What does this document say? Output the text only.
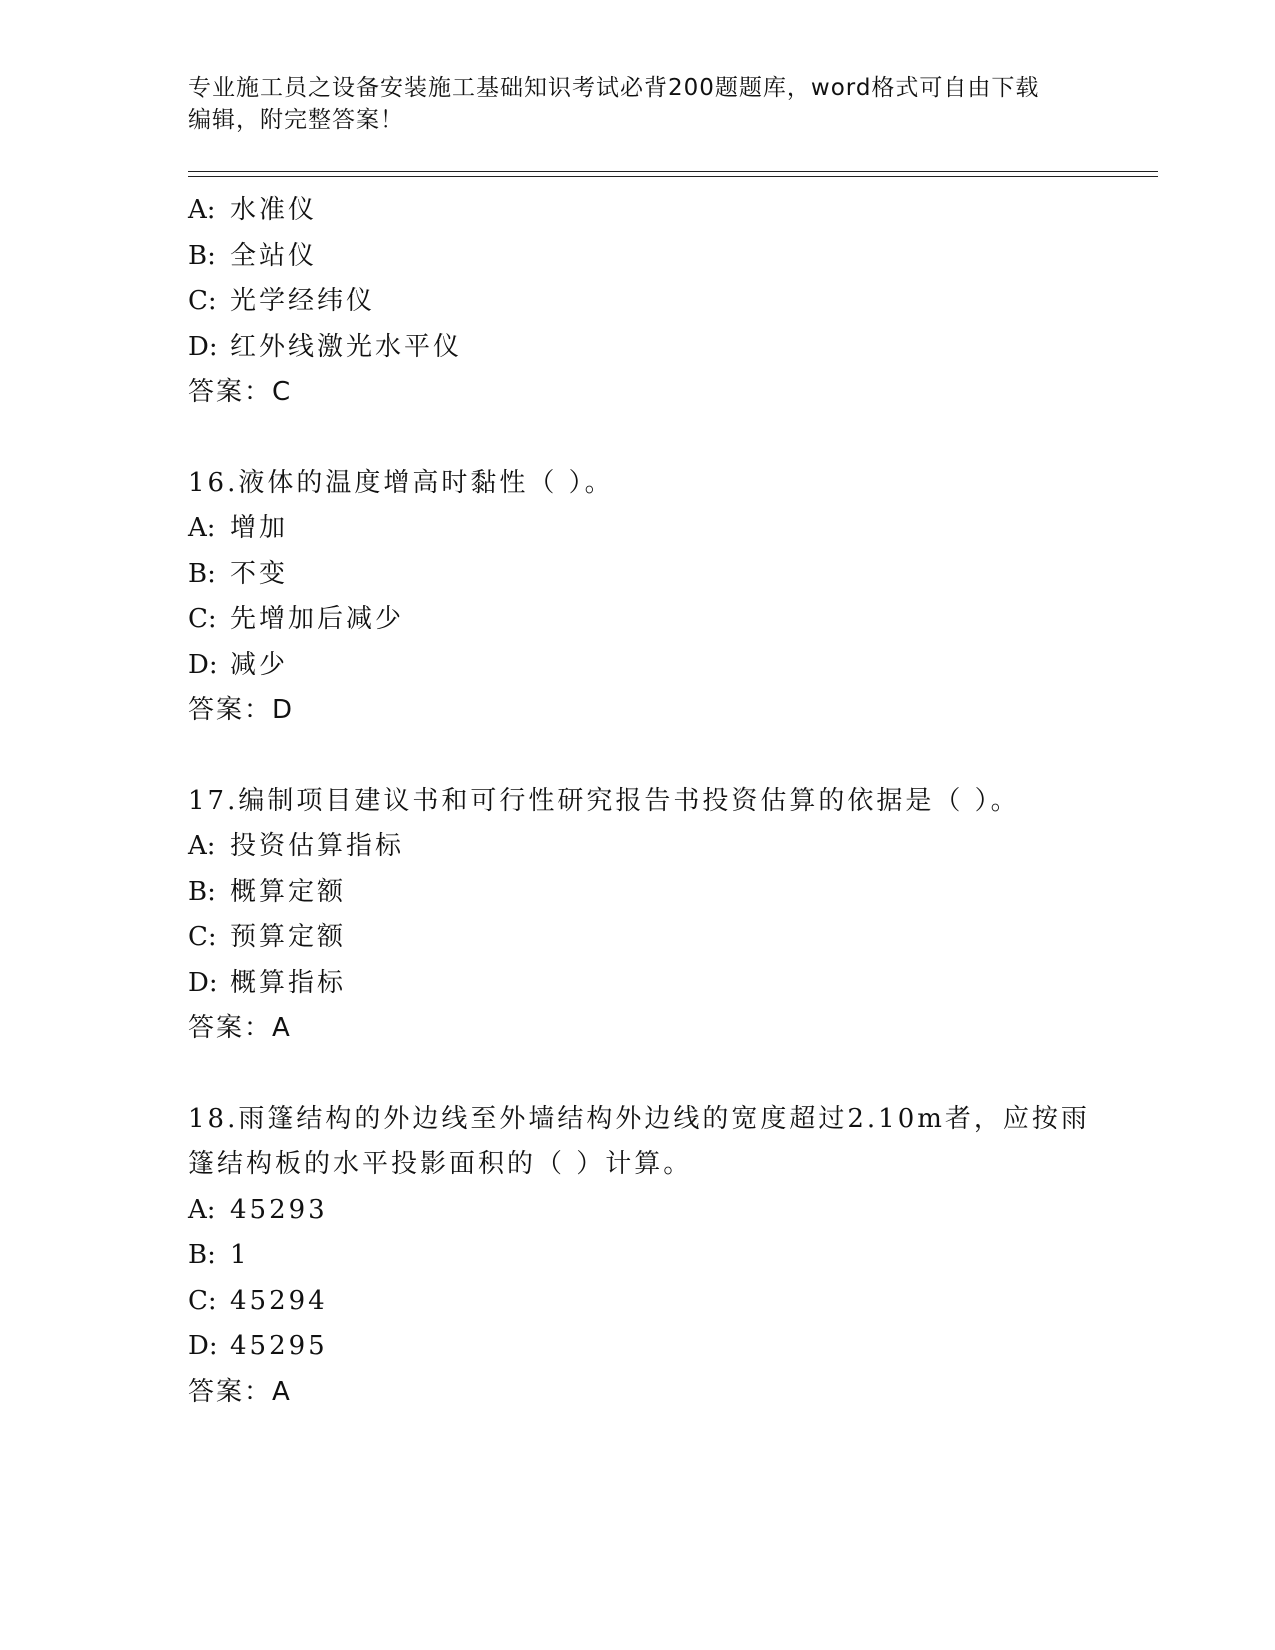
专业施工员之设备安装施工基础知识考试必背200题题库，word格式可自由下载
编辑，附完整答案！
A: 水准仪
B: 全站仪
C: 光学经纬仪
D: 红外线激光水平仪
答案：C
16.液体的温度增高时黏性（ ）。
A: 增加
B: 不变
C: 先增加后减少
D: 减少
答案：D
17.编制项目建议书和可行性研究报告书投资估算的依据是（ ）。
A: 投资估算指标
B: 概算定额
C: 预算定额
D: 概算指标
答案：A
18.雨篷结构的外边线至外墙结构外边线的宽度超过2.10m者，应按雨
篷结构板的水平投影面积的（ ）计算。
A: 45293
B: 1
C: 45294
D: 45295
答案：A
